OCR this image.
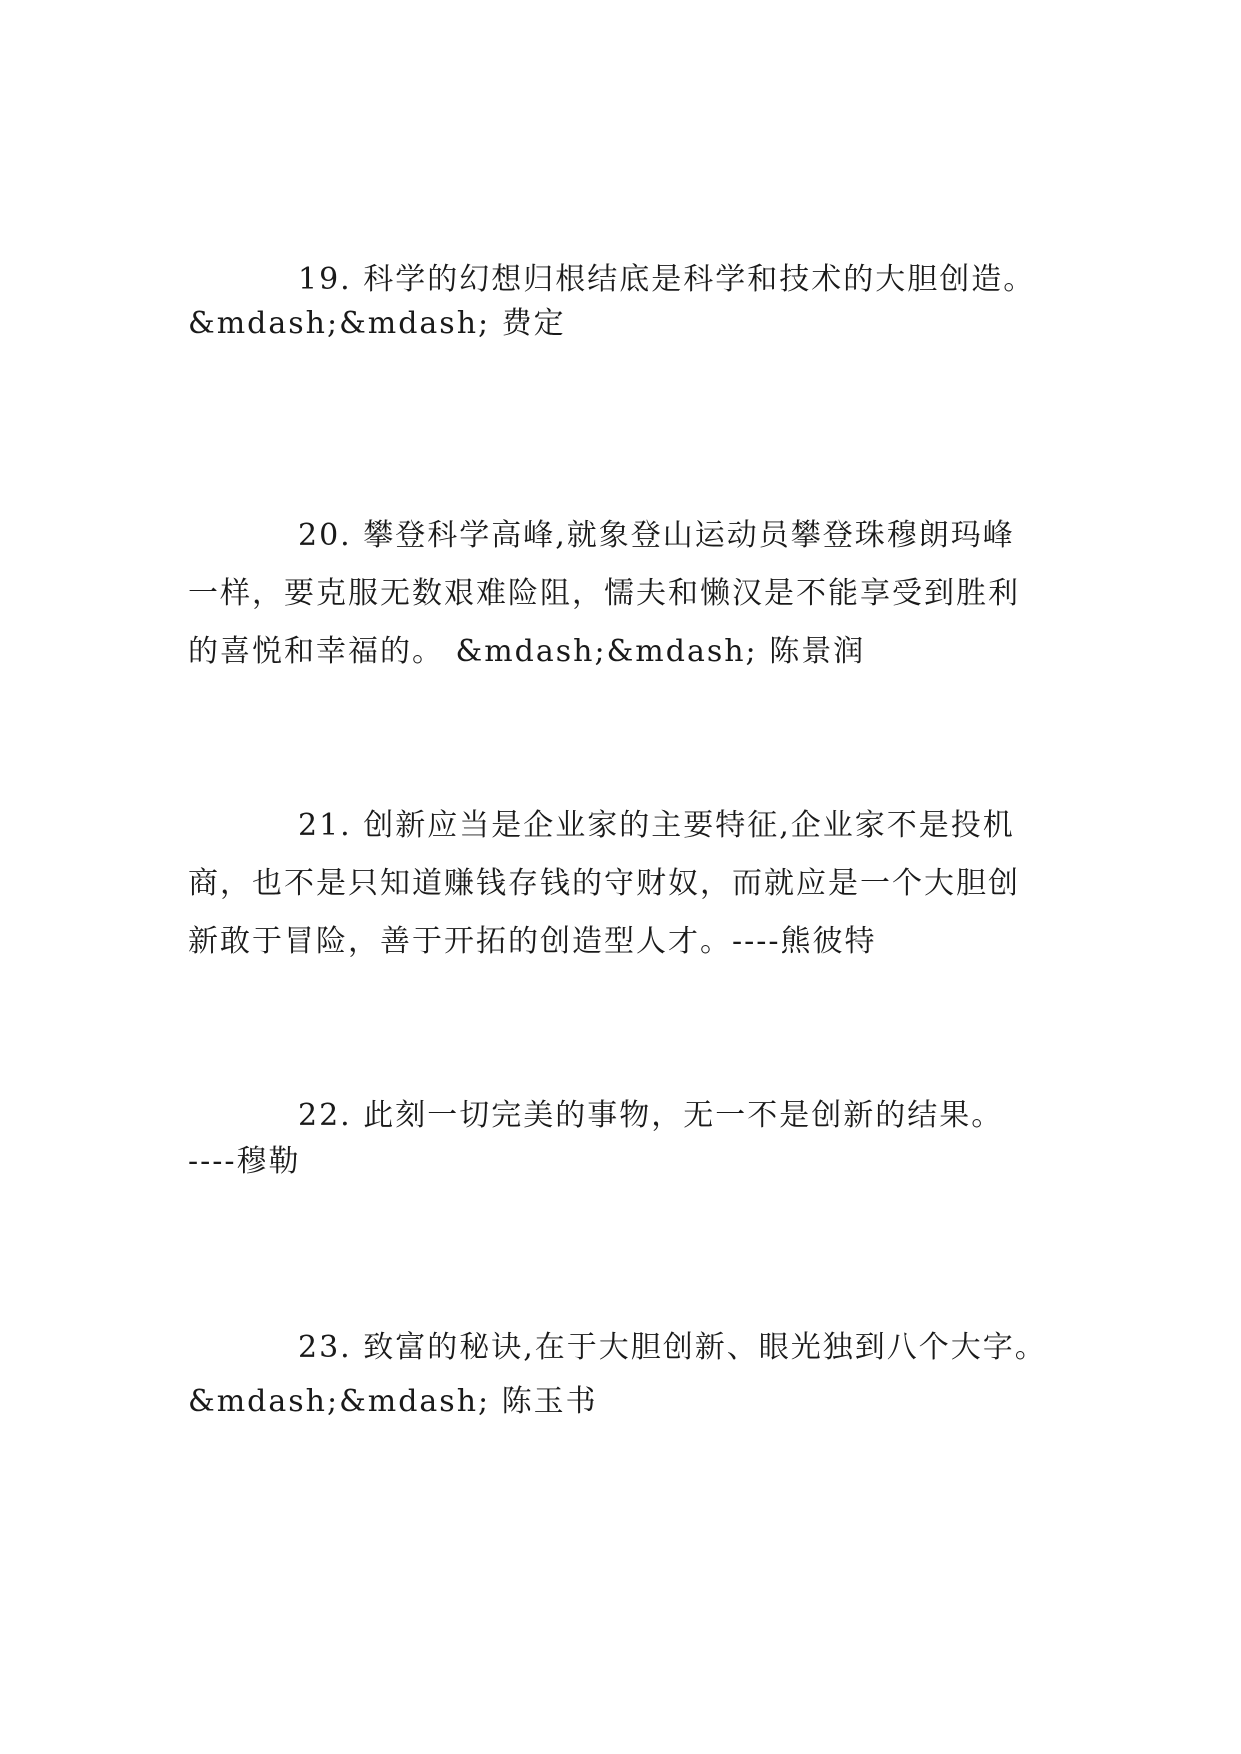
19. 科学的幻想归根结底是科学和技术的大胆创造。
&mdash;&mdash; 费定
20. 攀登科学高峰,就象登山运动员攀登珠穆朗玛峰
一样，要克服无数艰难险阻，懦夫和懒汉是不能享受到胜利
的喜悦和幸福的。 &mdash;&mdash; 陈景润
21. 创新应当是企业家的主要特征,企业家不是投机
商，也不是只知道赚钱存钱的守财奴，而就应是一个大胆创
新敢于冒险，善于开拓的创造型人才。----熊彼特
22. 此刻一切完美的事物，无一不是创新的结果。
----穆勒
23. 致富的秘诀,在于大胆创新、眼光独到八个大字。
&mdash;&mdash; 陈玉书
